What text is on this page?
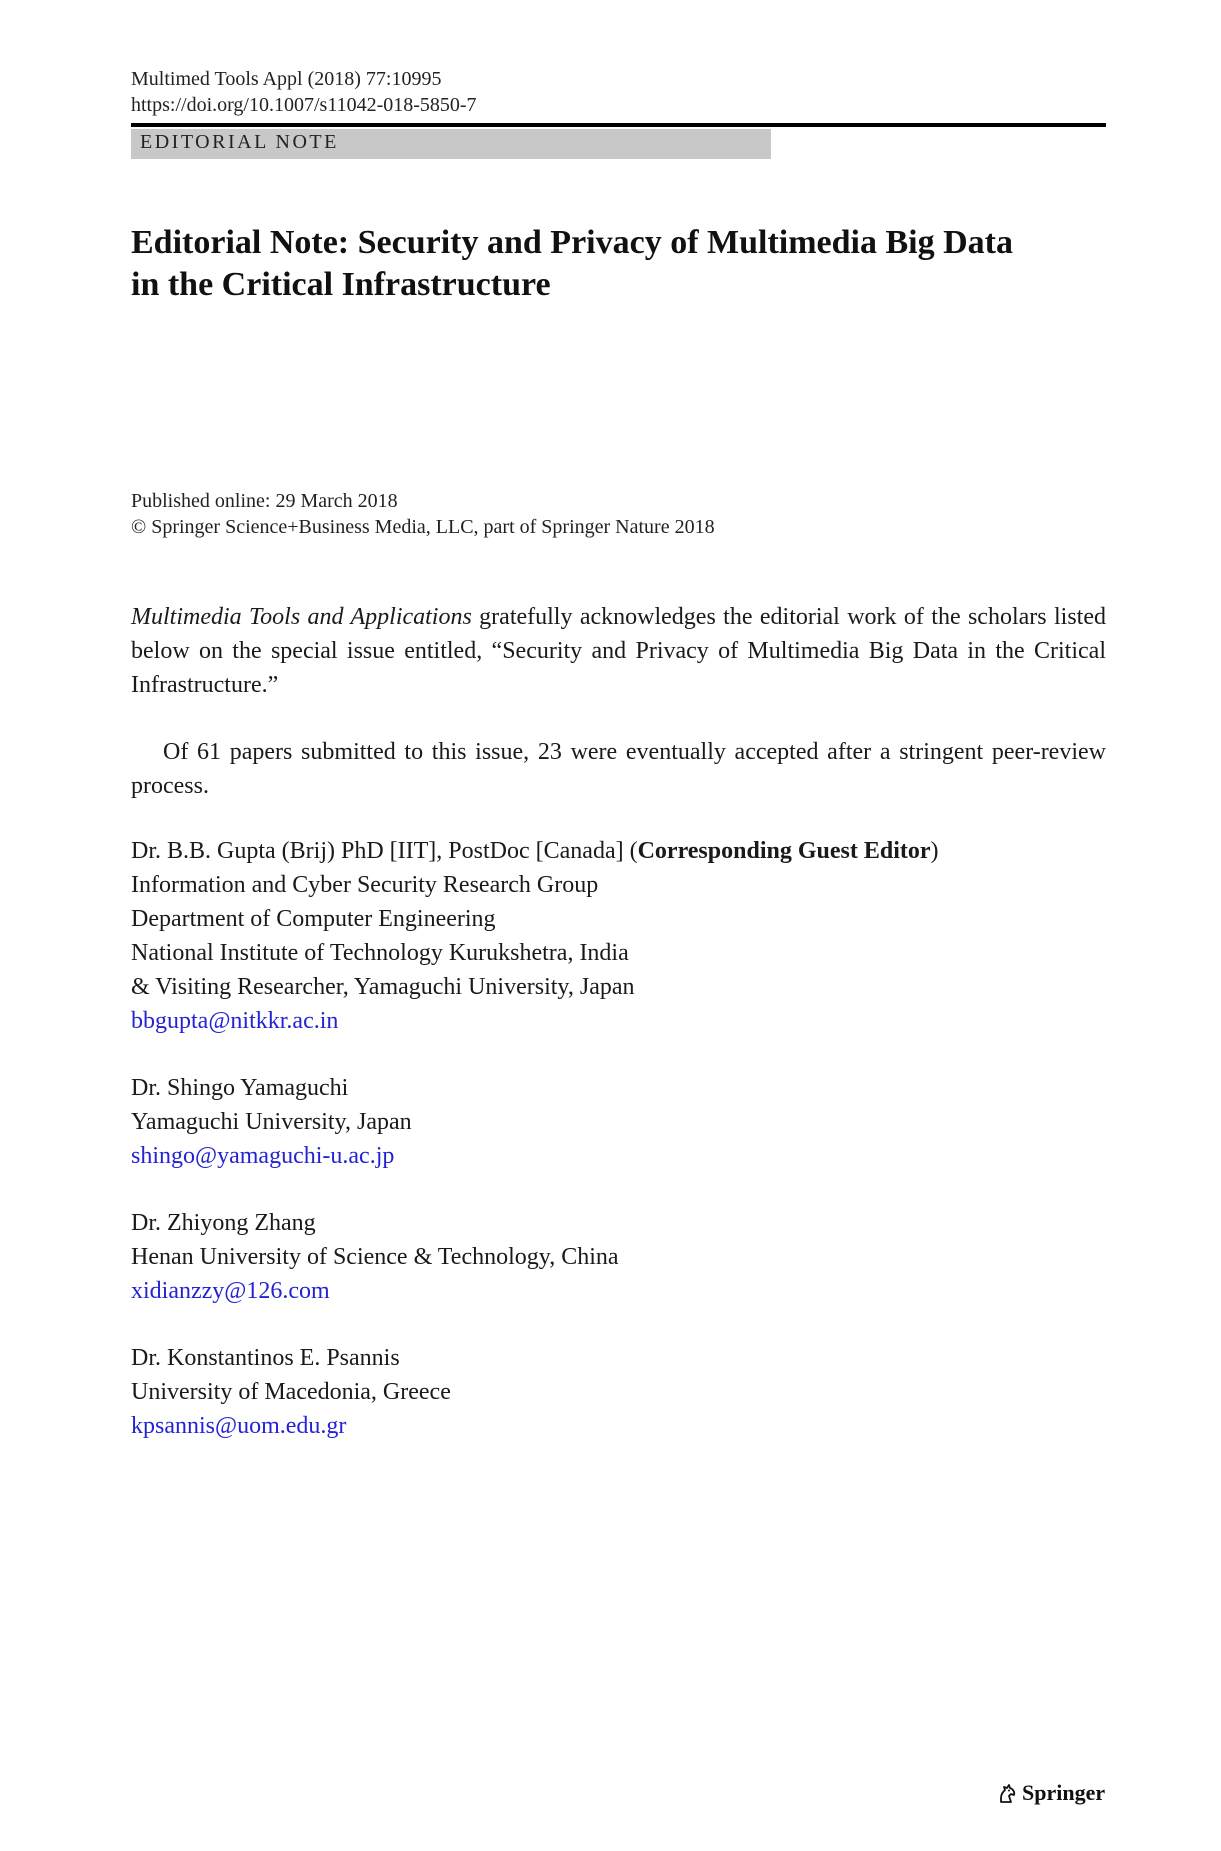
Multimed Tools Appl (2018) 77:10995
https://doi.org/10.1007/s11042-018-5850-7
EDITORIAL NOTE
Editorial Note: Security and Privacy of Multimedia Big Data in the Critical Infrastructure
Published online: 29 March 2018
© Springer Science+Business Media, LLC, part of Springer Nature 2018

Multimedia Tools and Applications gratefully acknowledges the editorial work of the scholars listed below on the special issue entitled, “Security and Privacy of Multimedia Big Data in the Critical Infrastructure.”

Of 61 papers submitted to this issue, 23 were eventually accepted after a stringent peer-review process.

Dr. B.B. Gupta (Brij) PhD [IIT], PostDoc [Canada] (Corresponding Guest Editor)
Information and Cyber Security Research Group
Department of Computer Engineering
National Institute of Technology Kurukshetra, India
& Visiting Researcher, Yamaguchi University, Japan
bbgupta@nitkkr.ac.in
Dr. Shingo Yamaguchi
Yamaguchi University, Japan
shingo@yamaguchi-u.ac.jp
Dr. Zhiyong Zhang
Henan University of Science & Technology, China
xidianzzy@126.com
Dr. Konstantinos E. Psannis
University of Macedonia, Greece
kpsannis@uom.edu.gr
Springer
